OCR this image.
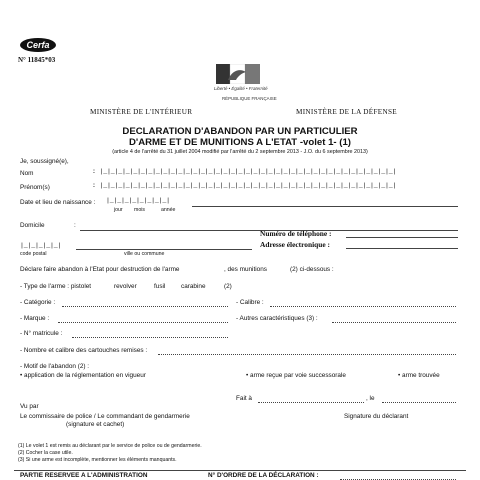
Cerfa
N° 11845*03
Liberté • Égalité • Fraternité
RÉPUBLIQUE FRANÇAISE
MINISTÈRE DE L'INTÉRIEUR	MINISTÈRE DE LA DÉFENSE
DECLARATION D'ABANDON PAR UN PARTICULIER
D'ARME ET DE MUNITIONS A L'ETAT -volet 1- (1)
(article 4 de l'arrêté du 31 juillet 2004 modifié par l'arrêté du 2 septembre 2013 - J.O. du 6 septembre 2013)
Je, soussigné(e),
Nom	: |_|_|_|_|_|_|_|_|_|_|_|_|_|_|_|_|_|_|_|_|_|_|_|_|_|_|_|_|_|_|_|_|_|_|_|_|_|_|_|
Prénom(s)	: |_|_|_|_|_|_|_|_|_|_|_|_|_|_|_|_|_|_|_|_|_|_|_|_|_|_|_|_|_|_|_|_|_|_|_|_|_|_|_|
Date et lieu de naissance : |_|_|_|_|_|_|_|_|
jour mois	année
Domicile	:
Numéro de téléphone :
|_|_|_|_|_|	Adresse électronique :
code postal	ville ou commune
Déclare faire abandon à l'Etat pour destruction de l'arme	, des munitions	(2) ci-dessous :
- Type de l'arme : pistolet	revolver	fusil carabine	(2)
- Catégorie :	- Calibre :
- Marque :	- Autres caractéristiques (3) :
- N° matricule :
- Nombre et calibre des cartouches remises :
- Motif de l'abandon (2) :
• application de la réglementation en vigueur	• arme reçue par voie successorale	• arme trouvée
Fait à	, le
Vu par
Le commissaire de police / Le commandant de gendarmerie
(signature et cachet)
Signature du déclarant
(1) Le volet 1 est remis au déclarant par le service de police ou de gendarmerie.
(2) Cocher la case utile.
(3) Si une arme est incomplète, mentionner les éléments manquants.
PARTIE RESERVEE A L'ADMINISTRATION	N° D'ORDRE DE LA DÉCLARATION :
